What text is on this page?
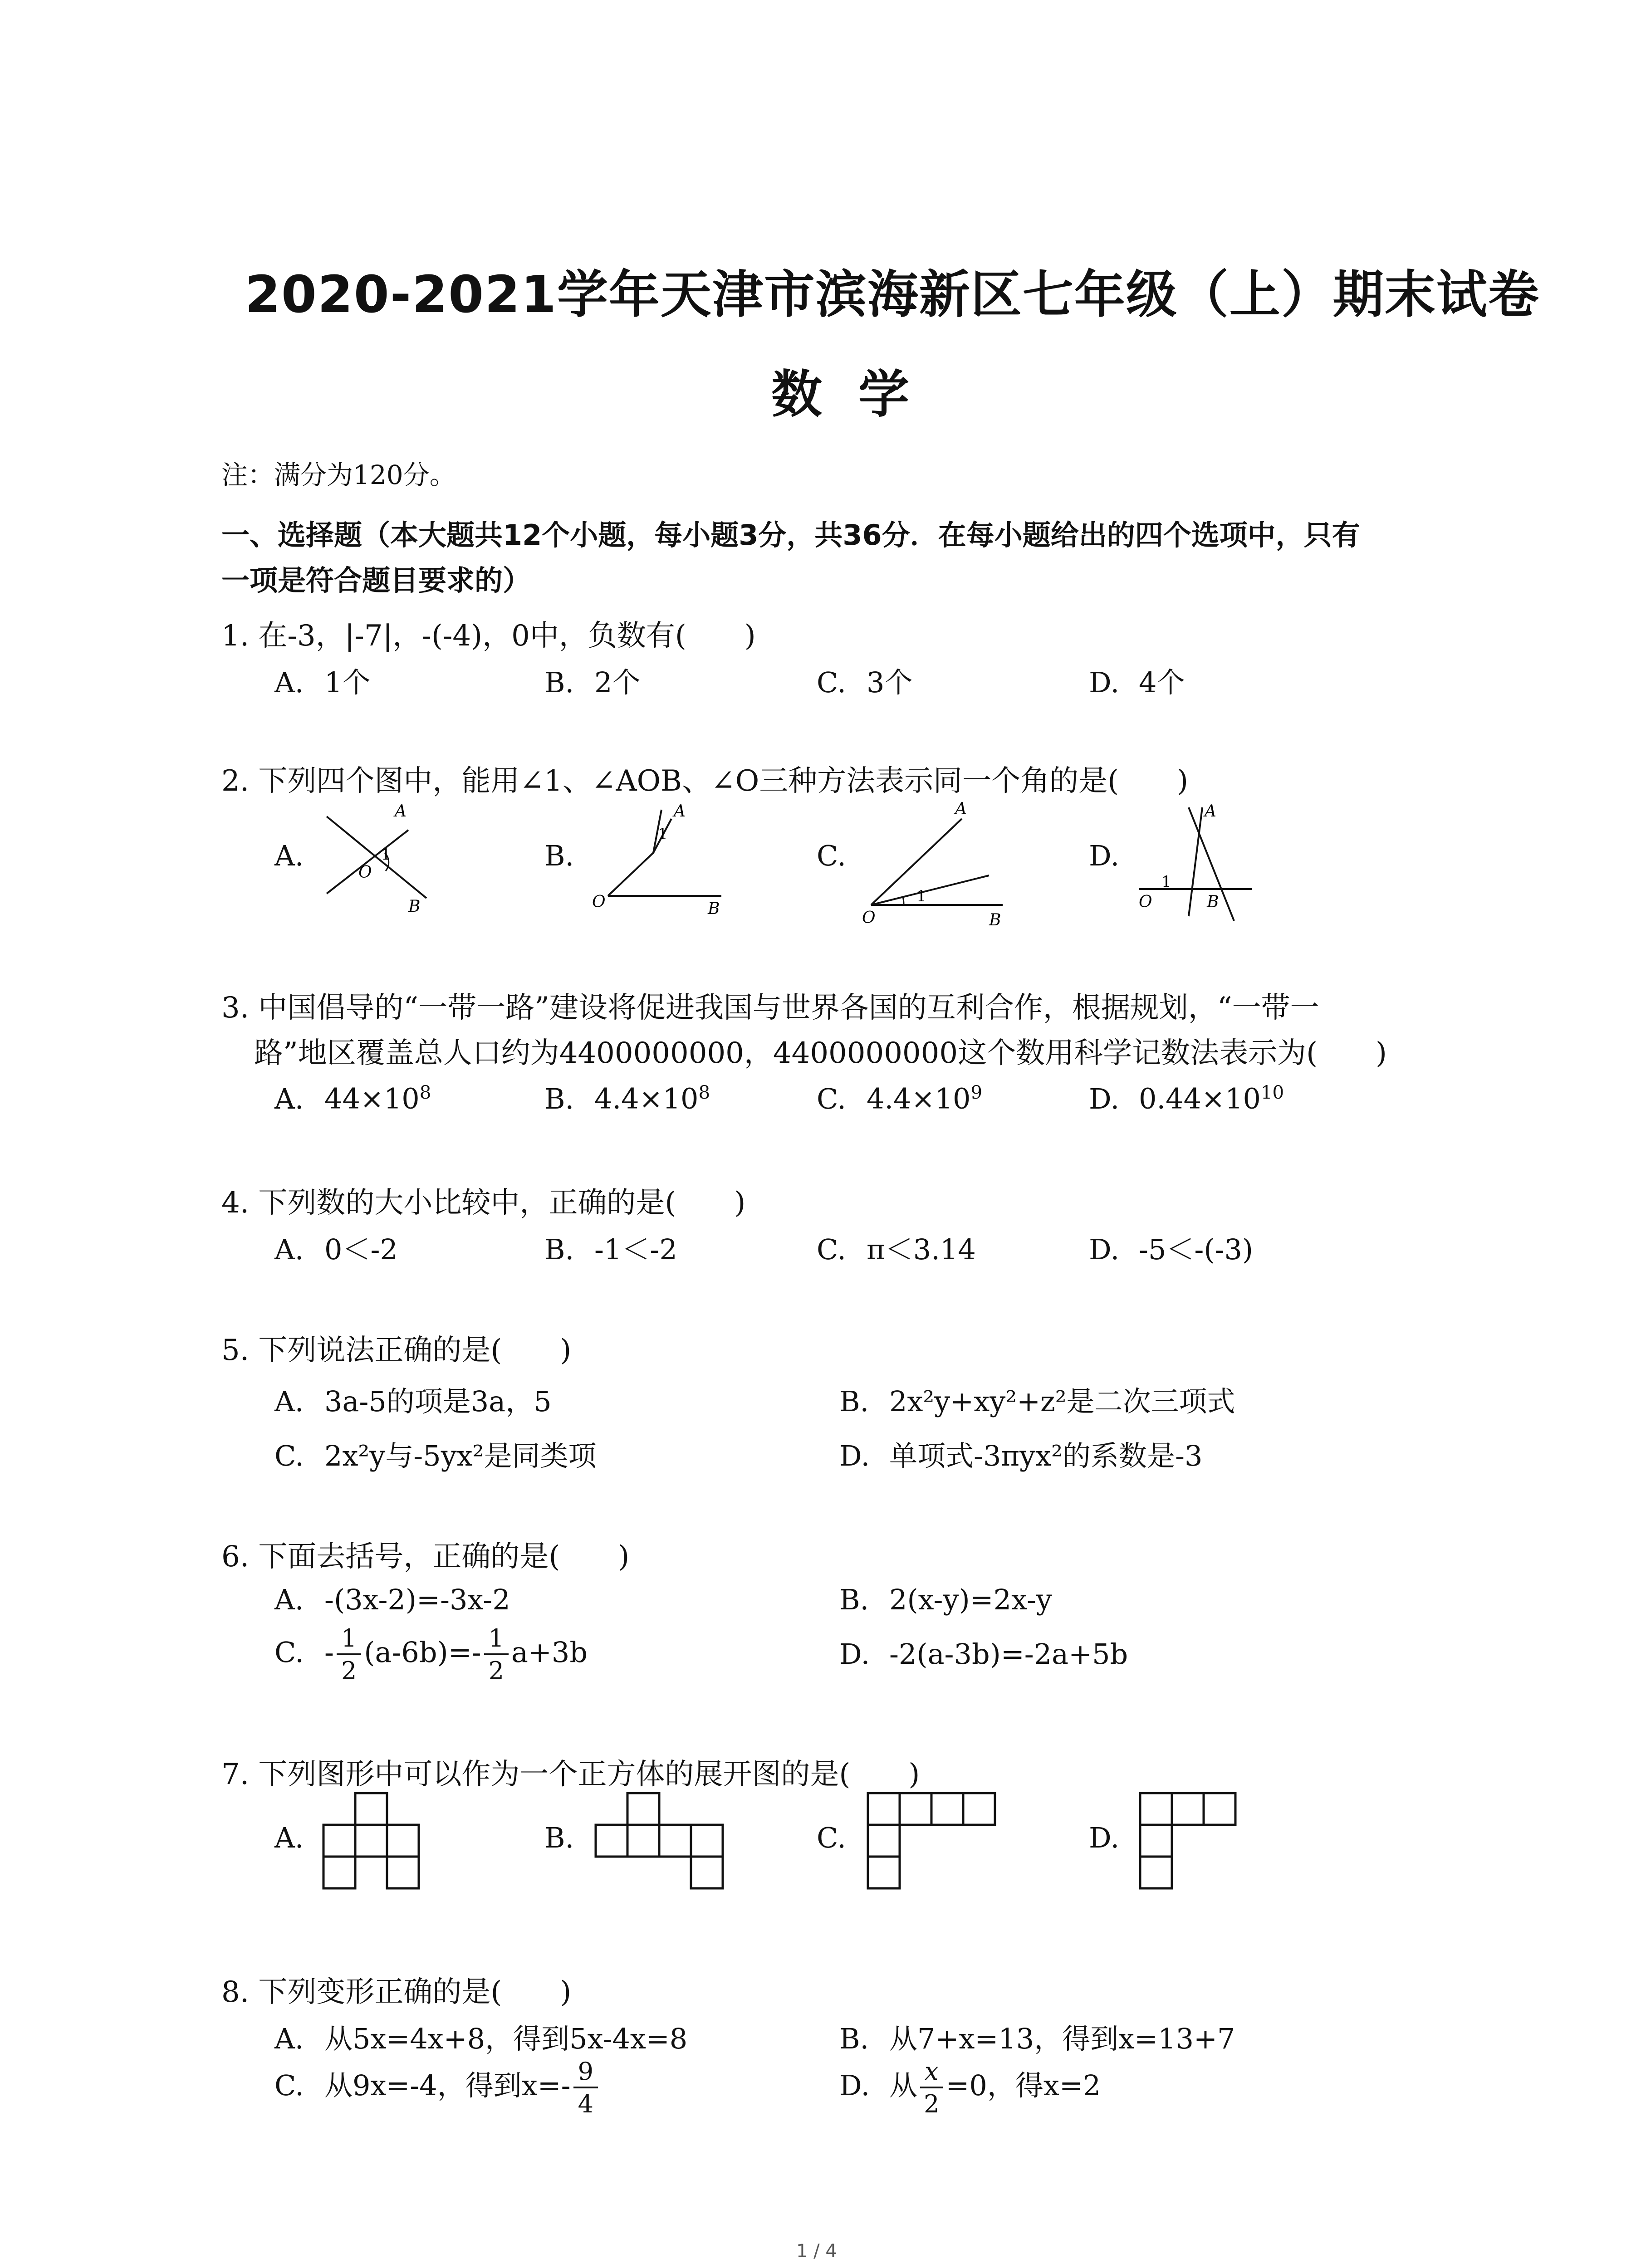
2020-2021学年天津市滨海新区七年级（上）期末试卷
数学
注：满分为120分。
一、选择题（本大题共12个小题，每小题3分，共36分．在每小题给出的四个选项中，只有
一项是符合题目要求的）
1. 在-3，|-7|，-(-4)，0中，负数有(　　)
A. 1个	B. 2个	C. 3个	D. 4个
2. 下列四个图中，能用∠1、∠AOB、∠O三种方法表示同一个角的是(　　)
A.	B.	C.	D.
A
1
O
B
A
1
O	B
A
1
O	B
A
1
O	B
3. 中国倡导的“一带一路”建设将促进我国与世界各国的互利合作，根据规划，“一带一
路”地区覆盖总人口约为4400000000，4400000000这个数用科学记数法表示为(　　)
A. $44\times 10^8$	B. $4.4\times 10^8$	C. $4.4\times 10^9$	D. $0.44\times 10^{10}$
4. 下列数的大小比较中，正确的是(　　)
A. 0＜-2	B. -1＜-2	C. π＜3.14	D. -5＜-(-3)
5. 下列说法正确的是(　　)
A. 3a-5的项是3a，5	B. 2x²y+xy²+z²是二次三项式
C. 2x²y与-5yx²是同类项	D. 单项式-3πyx²的系数是-3
6. 下面去括号，正确的是(　　)
A. -(3x-2)=-3x-2	B. 2(x-y)=2x-y
C. - $\frac{1}{2} (a-6b)=- \frac{1}{2} a+3b$	D. -2(a-3b)=-2a+5b
7. 下列图形中可以作为一个正方体的展开图的是(　　)
A.	B.	C.	D.
8. 下列变形正确的是(　　)
A. 从5x=4x+8，得到5x-4x=8	B. 从7+x=13，得到x=13+7
C. 从9x=-4，得到$x=- \frac{9}{4}$	D. 从 $\frac{x}{2} =0$，得x=2
1 / 4
